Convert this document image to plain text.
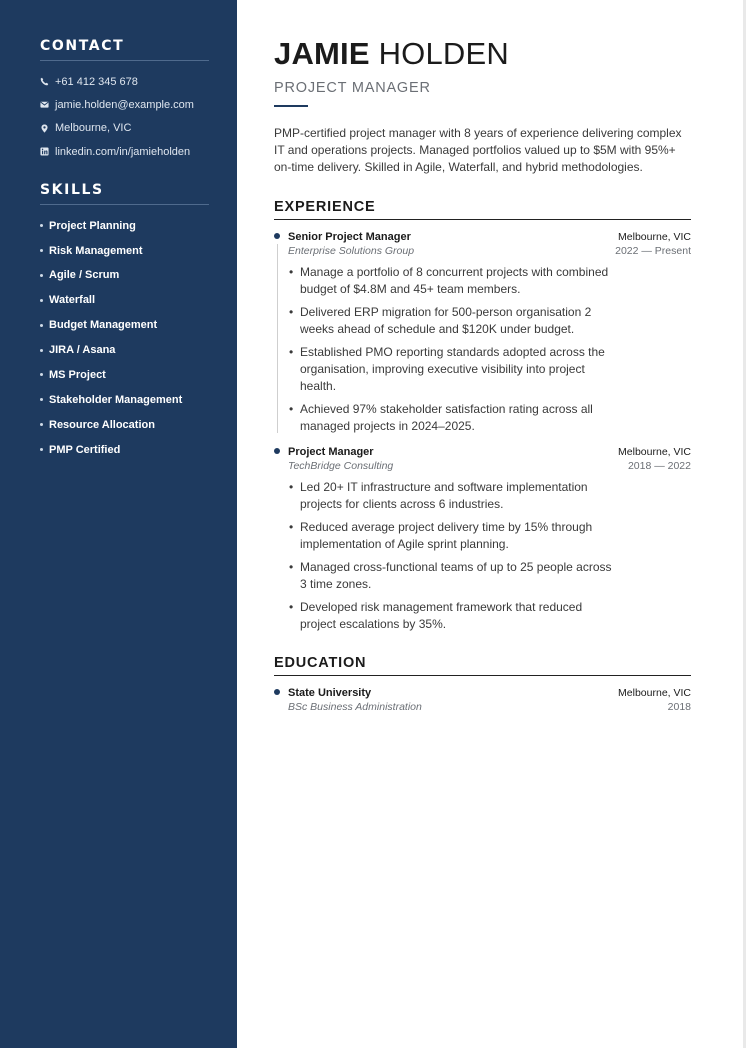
CONTACT
+61 412 345 678
jamie.holden@example.com
Melbourne, VIC
linkedin.com/in/jamieholden
SKILLS
Project Planning
Risk Management
Agile / Scrum
Waterfall
Budget Management
JIRA / Asana
MS Project
Stakeholder Management
Resource Allocation
PMP Certified
JAMIE HOLDEN
PROJECT MANAGER

PMP-certified project manager with 8 years of experience delivering complex IT and operations projects. Managed portfolios valued up to $5M with 95%+ on-time delivery. Skilled in Agile, Waterfall, and hybrid methodologies.

EXPERIENCE
Senior Project Manager
Enterprise Solutions Group
Melbourne, VIC
2022 — Present
• Manage a portfolio of 8 concurrent projects with combined budget of $4.8M and 45+ team members.
• Delivered ERP migration for 500-person organisation 2 weeks ahead of schedule and $120K under budget.
• Established PMO reporting standards adopted across the organisation, improving executive visibility into project health.
• Achieved 97% stakeholder satisfaction rating across all managed projects in 2024–2025.
Project Manager
TechBridge Consulting
Melbourne, VIC
2018 — 2022
• Led 20+ IT infrastructure and software implementation projects for clients across 6 industries.
• Reduced average project delivery time by 15% through implementation of Agile sprint planning.
• Managed cross-functional teams of up to 25 people across 3 time zones.
• Developed risk management framework that reduced project escalations by 35%.
EDUCATION
State University
BSc Business Administration
Melbourne, VIC
2018
